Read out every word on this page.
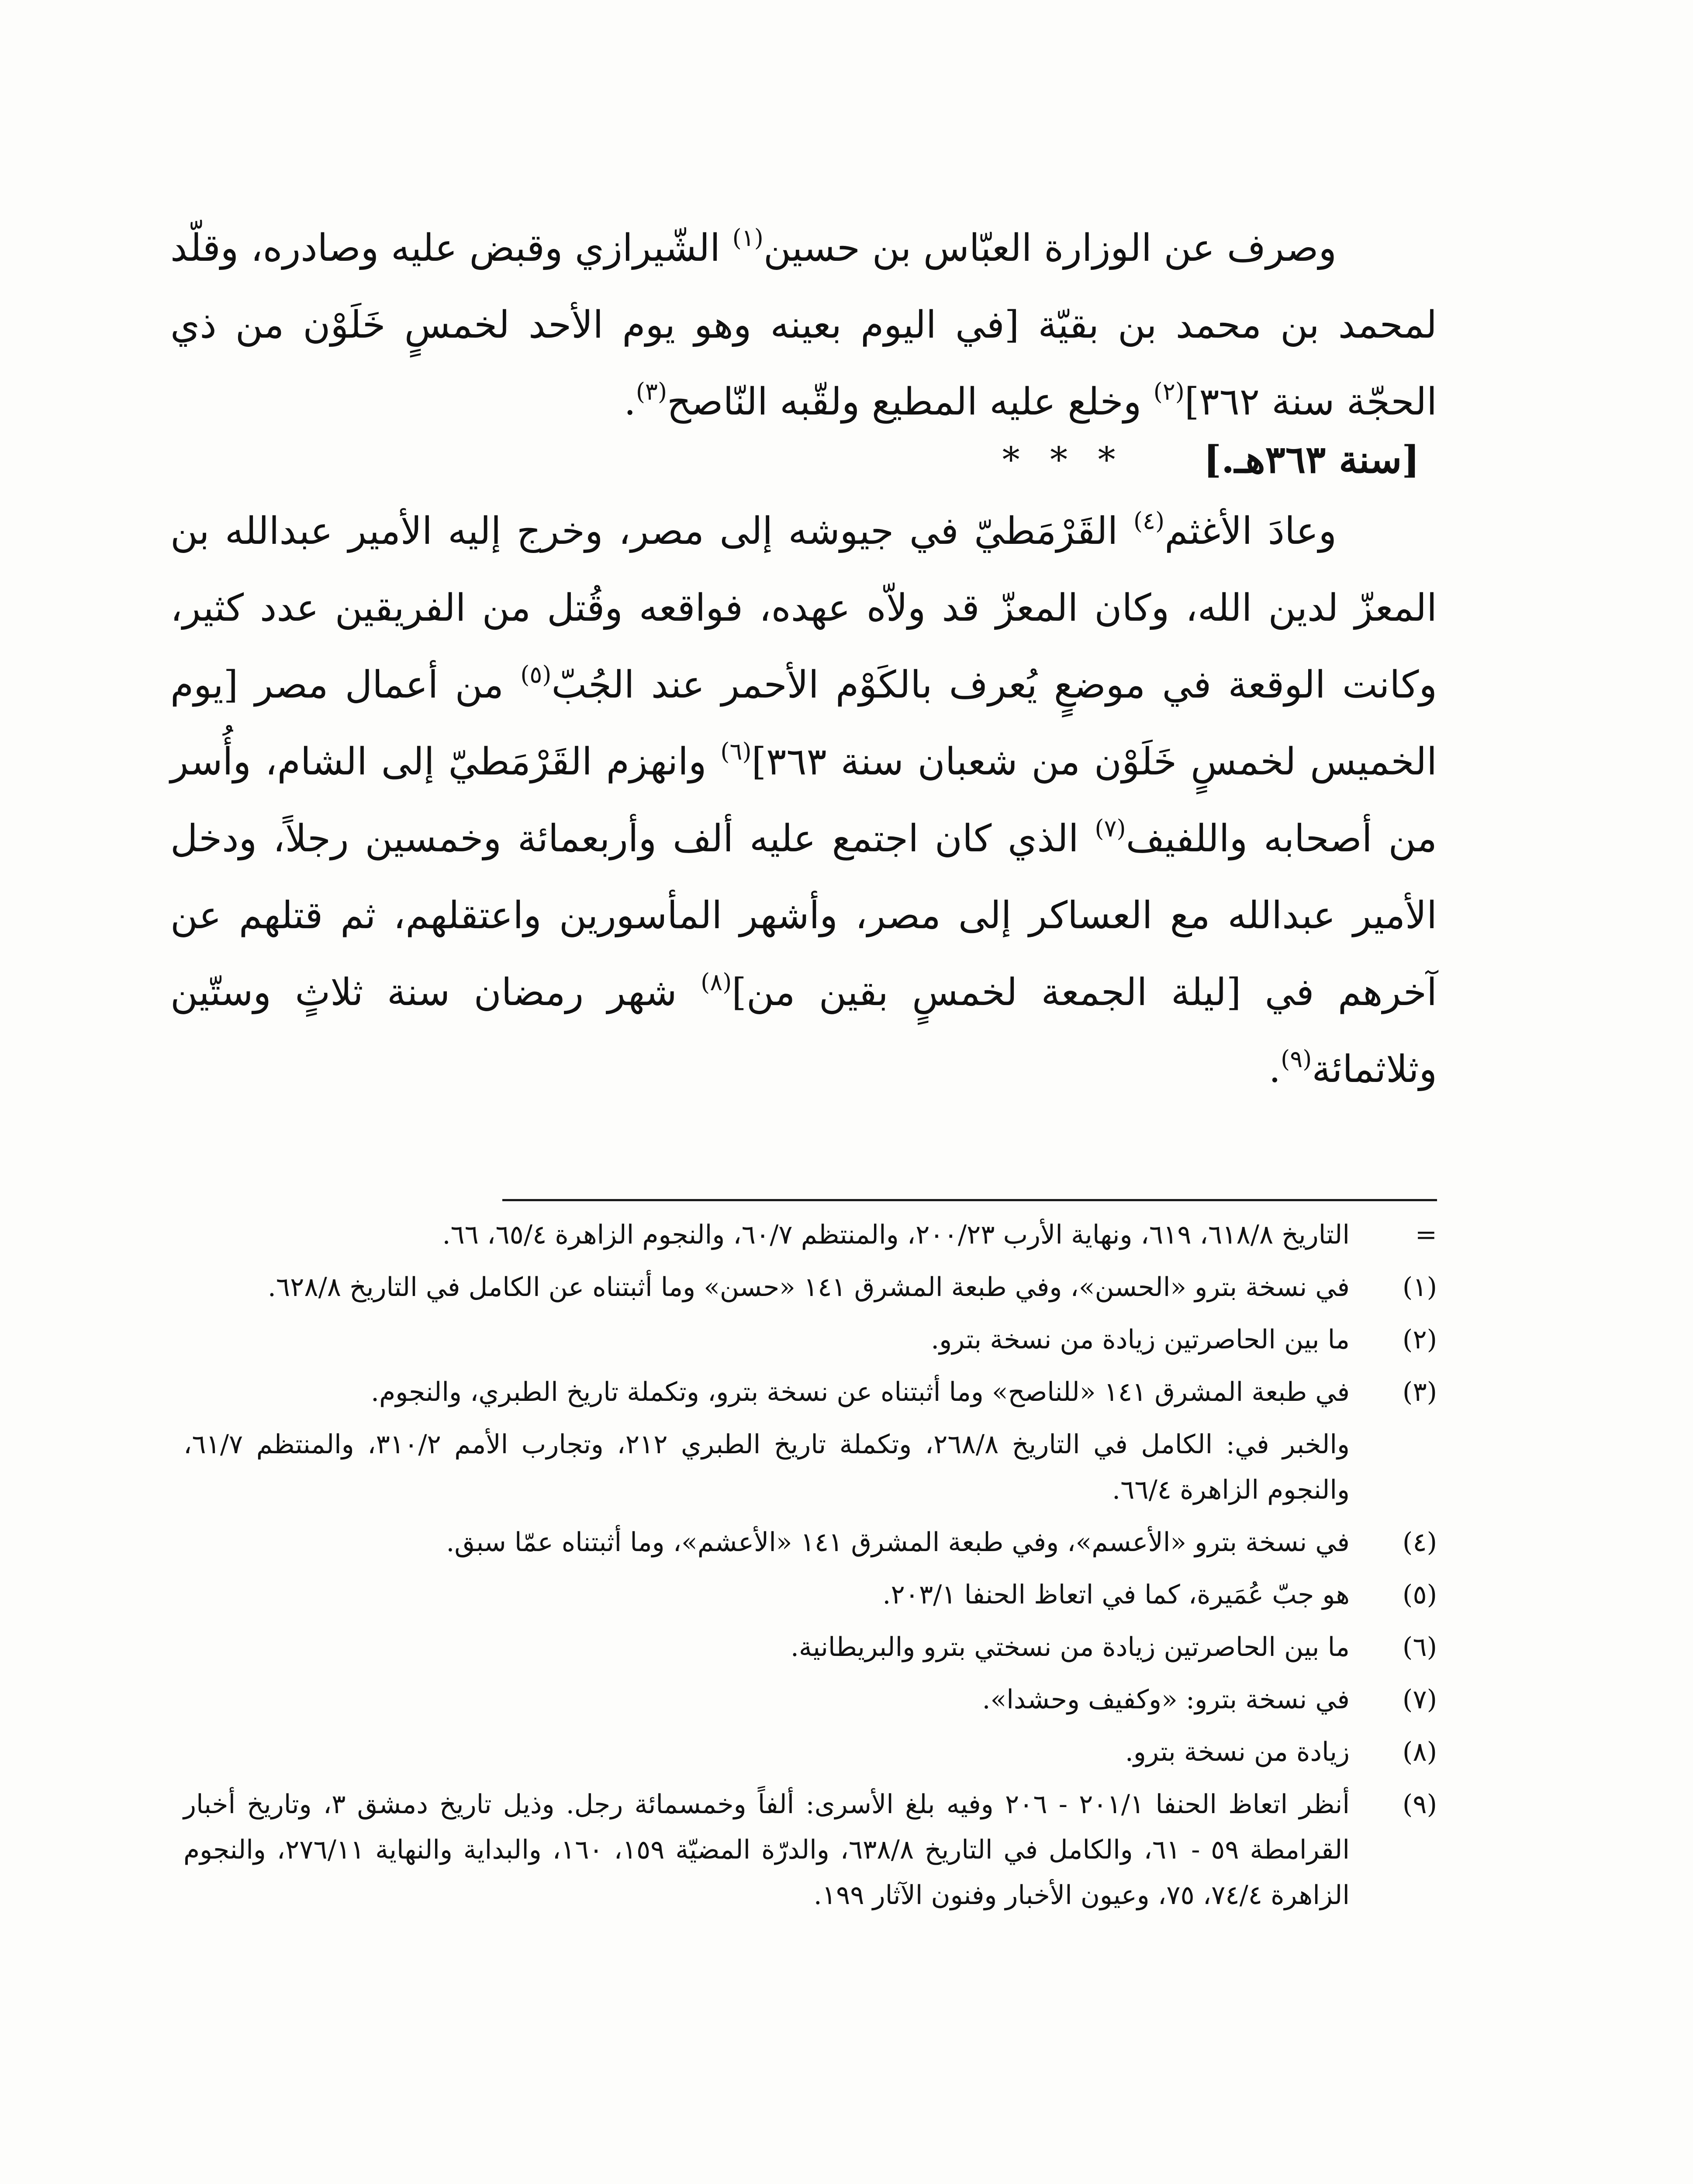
وصرف عن الوزارة العبّاس بن حسين$^{(١)}$ الشّيرازي وقبض عليه وصادره، وقلّد لمحمد بن محمد بن بقيّة [في اليوم بعينه وهو يوم الأحد لخمسٍ خَلَوْن من ذي الحجّة سنة ٣٦٢]$^{(٢)}$ وخلع عليه المطيع ولقّبه النّاصح$^{(٣)}$.

[سنة ٣٦٣هـ.]
* * *

وعادَ الأغثم$^{(٤)}$ القَرْمَطيّ في جيوشه إلى مصر، وخرج إليه الأمير عبدالله بن المعزّ لدين الله، وكان المعزّ قد ولاّه عهده، فواقعه وقُتل من الفريقين عدد كثير، وكانت الوقعة في موضعٍ يُعرف بالكَوْم الأحمر عند الجُبّ$^{(٥)}$ من أعمال مصر [يوم الخميس لخمسٍ خَلَوْن من شعبان سنة ٣٦٣]$^{(٦)}$ وانهزم القَرْمَطيّ إلى الشام، وأُسر من أصحابه واللفيف$^{(٧)}$ الذي كان اجتمع عليه ألف وأربعمائة وخمسين رجلاً، ودخل الأمير عبدالله مع العساكر إلى مصر، وأشهر المأسورين واعتقلهم، ثم قتلهم عن آخرهم في [ليلة الجمعة لخمسٍ بقين من]$^{(٨)}$ شهر رمضان سنة ثلاثٍ وستّين وثلاثمائة$^{(٩)}$.

=
التاريخ ٦١٨/٨، ٦١٩، ونهاية الأرب ٢٠٠/٢٣، والمنتظم ٦٠/٧، والنجوم الزاهرة ٦٥/٤، ٦٦.
(١)
في نسخة بترو «الحسن»، وفي طبعة المشرق ١٤١ «حسن» وما أثبتناه عن الكامل في التاريخ ٦٢٨/٨.
(٢)
ما بين الحاصرتين زيادة من نسخة بترو.
(٣)
في طبعة المشرق ١٤١ «للناصح» وما أثبتناه عن نسخة بترو، وتكملة تاريخ الطبري، والنجوم.
والخبر في: الكامل في التاريخ ٢٦٨/٨، وتكملة تاريخ الطبري ٢١٢، وتجارب الأمم ٣١٠/٢، والمنتظم ٦١/٧، والنجوم الزاهرة ٦٦/٤.
(٤)
في نسخة بترو «الأعسم»، وفي طبعة المشرق ١٤١ «الأعشم»، وما أثبتناه عمّا سبق.
(٥)
هو جبّ عُمَيرة، كما في اتعاظ الحنفا ٢٠٣/١.
(٦)
ما بين الحاصرتين زيادة من نسختي بترو والبريطانية.
(٧)
في نسخة بترو: «وكفيف وحشدا».
(٨)
زيادة من نسخة بترو.
(٩)
أنظر اتعاظ الحنفا ٢٠١/١ - ٢٠٦ وفيه بلغ الأسرى: ألفاً وخمسمائة رجل. وذيل تاريخ دمشق ٣، وتاريخ أخبار القرامطة ٥٩ - ٦١، والكامل في التاريخ ٦٣٨/٨، والدرّة المضيّة ١٥٩، ١٦٠، والبداية والنهاية ٢٧٦/١١، والنجوم الزاهرة ٧٤/٤، ٧٥، وعيون الأخبار وفنون الآثار ١٩٩.
